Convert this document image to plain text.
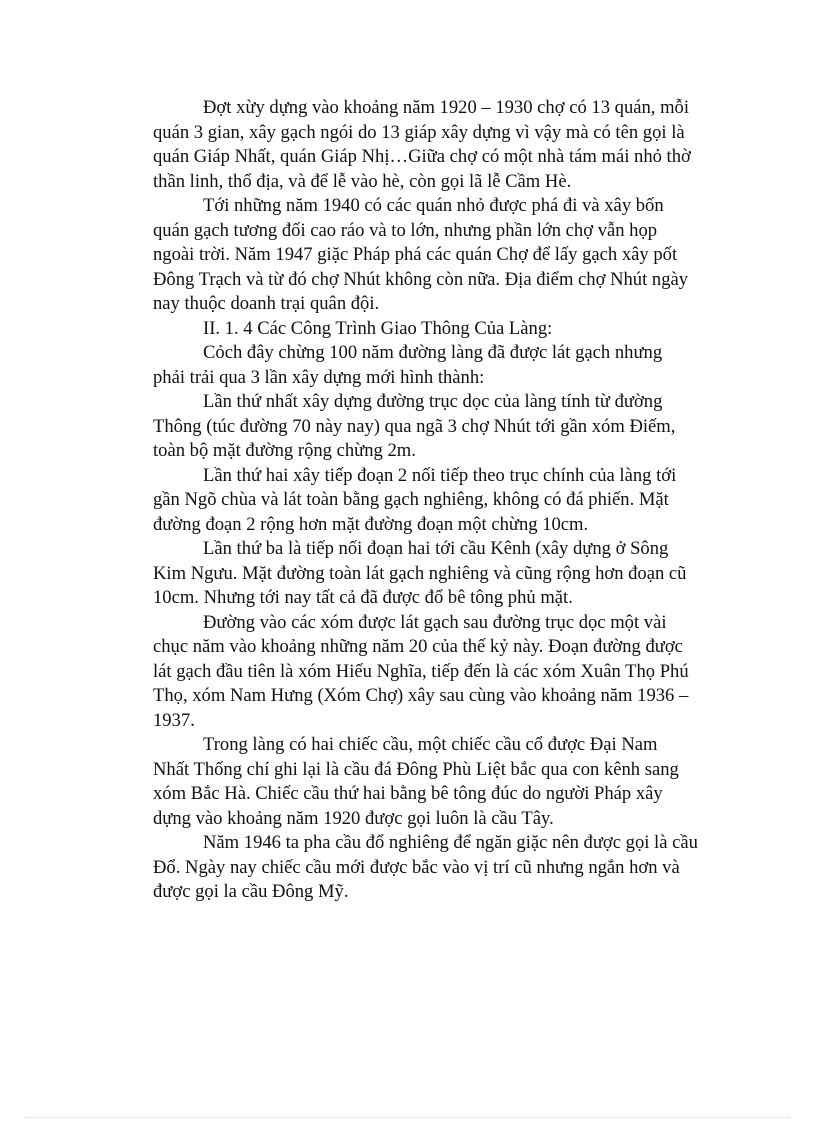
Đợt xừy dựng vào khoảng năm 1920 – 1930 chợ có 13 quán, mỗi quán 3 gian, xây gạch ngói do 13 giáp xây dựng vì vậy mà có tên gọi là quán Giáp Nhất, quán Giáp Nhị…Giữa chợ có một nhà tám mái nhỏ thờ thần linh, thổ địa, và để lễ vào hè, còn gọi lã lễ Cầm Hè.

Tới những năm 1940 có các quán nhỏ được phá đi và xây bốn quán gạch tương đối cao ráo và to lớn, nhưng phần lớn chợ vẫn họp ngoài trời. Năm 1947 giặc Pháp phá các quán Chợ để lấy gạch xây pốt Đông Trạch và từ đó chợ Nhút không còn nữa. Địa điểm chợ Nhút ngày nay thuộc doanh trại quân đội.

II. 1. 4 Các Công Trình Giao Thông Của Làng:

Cỏch đây chừng 100 năm đường làng đã được lát gạch nhưng phải trải qua 3 lần xây dựng mới hình thành:

Lần thứ nhất xây dựng đường trục dọc của làng tính từ đường Thông (túc đường 70 này nay) qua ngã 3 chợ Nhút tới gần xóm Điếm, toàn bộ mặt đường rộng chừng 2m.

Lần thứ hai xây tiếp đoạn 2 nối tiếp theo trục chính của làng tới gần Ngõ chùa và lát toàn bằng gạch nghiêng, không có đá phiến. Mặt đường đoạn 2 rộng hơn mặt đường đoạn một chừng 10cm.

Lần thứ ba là tiếp nối đoạn hai tới cầu Kênh (xây dựng ở Sông Kim Ngưu. Mặt đường toàn lát gạch nghiêng và cũng rộng hơn đoạn cũ 10cm. Nhưng tới nay tất cả đã được đổ bê tông phủ mặt.

Đường vào các xóm được lát gạch sau đường trục dọc một vài chục năm vào khoảng những năm 20 của thế kỷ này. Đoạn đường được lát gạch đầu tiên là xóm Hiếu Nghĩa, tiếp đến là các xóm Xuân Thọ Phú Thọ, xóm Nam Hưng (Xóm Chợ) xây sau cùng vào khoảng năm 1936 – 1937.

Trong làng có hai chiếc cầu, một chiếc cầu cổ được Đại Nam Nhất Thống chí ghi lại là cầu đá Đông Phù Liệt bắc qua con kênh sang xóm Bắc Hà. Chiếc cầu thứ hai bằng bê tông đúc do người Pháp xây dựng vào khoảng năm 1920 được gọi luôn là cầu Tây.

Năm 1946 ta pha cầu đổ nghiêng để ngăn giặc nên được gọi là cầu Đổ. Ngày nay chiếc cầu mới được bắc vào vị trí cũ nhưng ngắn hơn và được gọi la cầu Đông Mỹ.
